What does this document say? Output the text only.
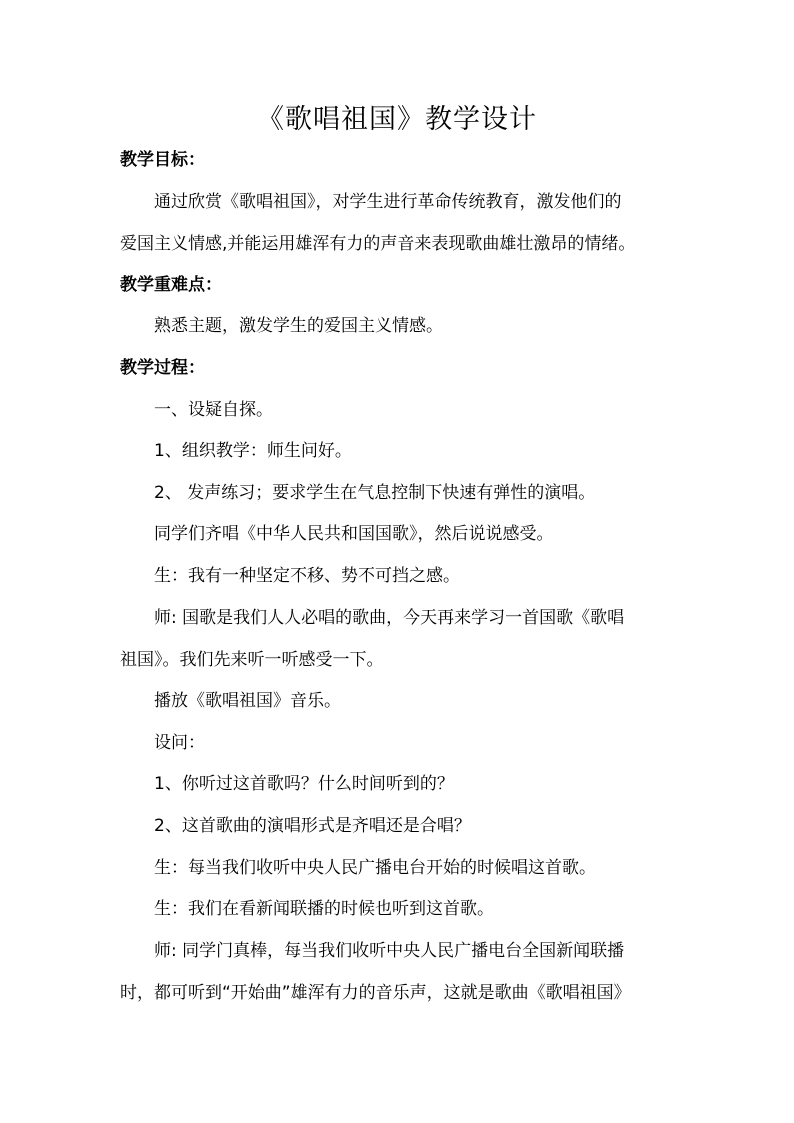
《歌唱祖国》教学设计
教学目标：
通过欣赏《歌唱祖国》，对学生进行革命传统教育，激发他们的
爱国主义情感,并能运用雄浑有力的声音来表现歌曲雄壮激昂的情绪。
教学重难点：
熟悉主题，激发学生的爱国主义情感。
教学过程：
一、设疑自探。
1、组织教学：师生问好。
2、 发声练习；要求学生在气息控制下快速有弹性的演唱。
同学们齐唱《中华人民共和国国歌》，然后说说感受。
生：我有一种坚定不移、势不可挡之感。
师: 国歌是我们人人必唱的歌曲，今天再来学习一首国歌《歌唱
祖国》。我们先来听一听感受一下。
播放《歌唱祖国》音乐。
设问：
1、你听过这首歌吗？什么时间听到的？
2、这首歌曲的演唱形式是齐唱还是合唱？
生：每当我们收听中央人民广播电台开始的时候唱这首歌。
生：我们在看新闻联播的时候也听到这首歌。
师: 同学门真棒，每当我们收听中央人民广播电台全国新闻联播
时，都可听到“开始曲”雄浑有力的音乐声，这就是歌曲《歌唱祖国》
